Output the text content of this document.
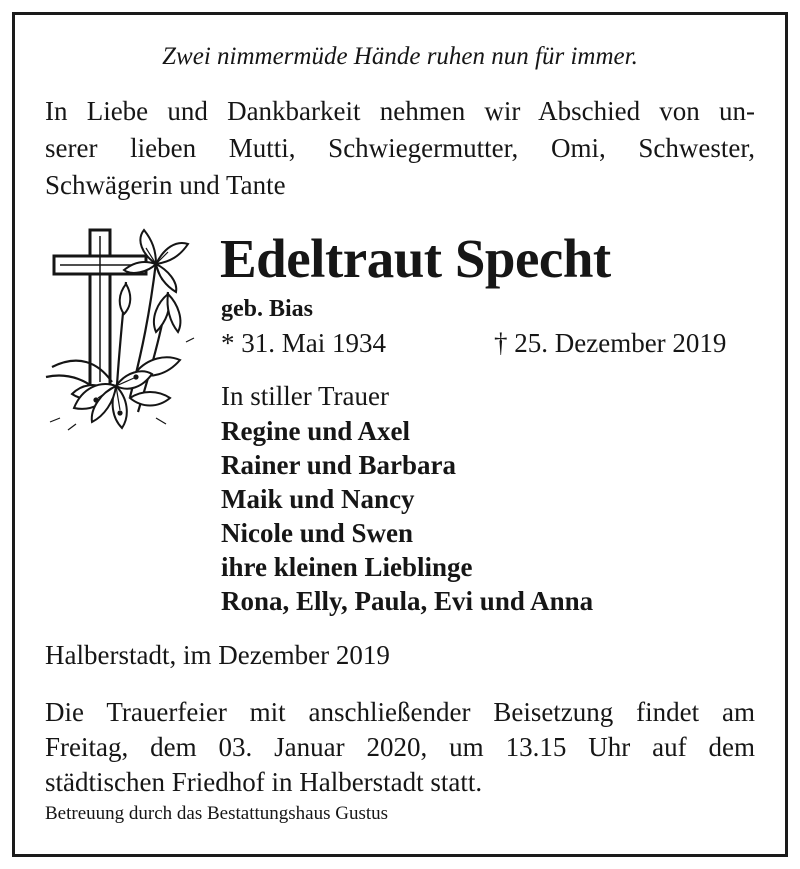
Zwei nimmermüde Hände ruhen nun für immer.

In Liebe und Dankbarkeit nehmen wir Abschied von un-
serer lieben Mutti, Schwiegermutter, Omi, Schwester,
Schwägerin und Tante

Edeltraut Specht

geb. Bias

* 31. Mai 1934	† 25. Dezember 2019

In stiller Trauer

Regine und Axel
Rainer und Barbara
Maik und Nancy
Nicole und Swen
ihre kleinen Lieblinge
Rona, Elly, Paula, Evi und Anna

Halberstadt, im Dezember 2019

Die Trauerfeier mit anschließender Beisetzung findet am
Freitag, dem 03. Januar 2020, um 13.15 Uhr auf dem
städtischen Friedhof in Halberstadt statt.

Betreuung durch das Bestattungshaus Gustus
